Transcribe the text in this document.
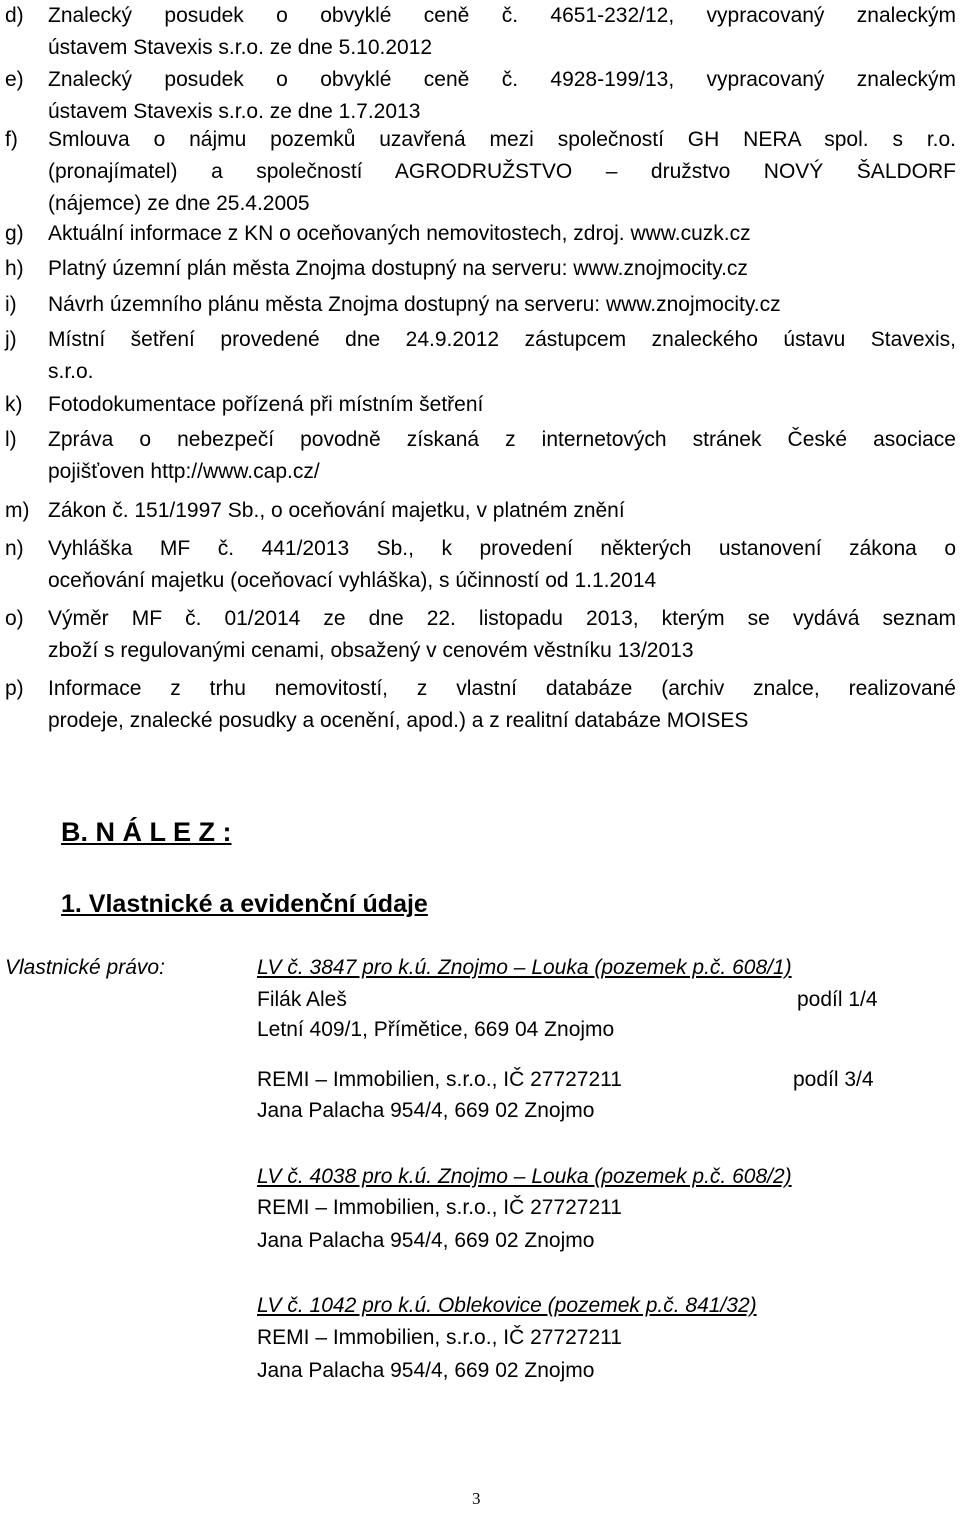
d) Znalecký posudek o obvyklé ceně č. 4651-232/12, vypracovaný znaleckým
ústavem Stavexis s.r.o. ze dne 5.10.2012
e) Znalecký posudek o obvyklé ceně č. 4928-199/13, vypracovaný znaleckým
ústavem Stavexis s.r.o. ze dne 1.7.2013
f) Smlouva o nájmu pozemků uzavřená mezi společností GH NERA spol. s r.o.
(pronajímatel) a společností AGRODRUŽSTVO – družstvo NOVÝ ŠALDORF
(nájemce) ze dne 25.4.2005
g) Aktuální informace z KN o oceňovaných nemovitostech, zdroj. www.cuzk.cz
h) Platný územní plán města Znojma dostupný na serveru: www.znojmocity.cz
i) Návrh územního plánu města Znojma dostupný na serveru: www.znojmocity.cz
j) Místní šetření provedené dne 24.9.2012 zástupcem znaleckého ústavu Stavexis,
s.r.o.
k) Fotodokumentace pořízená při místním šetření
l) Zpráva o nebezpečí povodně získaná z internetových stránek České asociace
pojišťoven http://www.cap.cz/
m) Zákon č. 151/1997 Sb., o oceňování majetku, v platném znění
n) Vyhláška MF č. 441/2013 Sb., k provedení některých ustanovení zákona o
oceňování majetku (oceňovací vyhláška), s účinností od 1.1.2014
o) Výměr MF č. 01/2014 ze dne 22. listopadu 2013, kterým se vydává seznam
zboží s regulovanými cenami, obsažený v cenovém věstníku 13/2013
p) Informace z trhu nemovitostí, z vlastní databáze (archiv znalce, realizované
prodeje, znalecké posudky a ocenění, apod.) a z realitní databáze MOISES
B. N Á L E Z :
1. Vlastnické a evidenční údaje
Vlastnické právo:	LV č. 3847 pro k.ú. Znojmo – Louka (pozemek p.č. 608/1)
Filák Aleš	podíl 1/4
Letní 409/1, Přímětice, 669 04 Znojmo
REMI – Immobilien, s.r.o., IČ 27727211	podíl 3/4
Jana Palacha 954/4, 669 02 Znojmo
LV č. 4038 pro k.ú. Znojmo – Louka (pozemek p.č. 608/2)
REMI – Immobilien, s.r.o., IČ 27727211
Jana Palacha 954/4, 669 02 Znojmo
LV č. 1042 pro k.ú. Oblekovice (pozemek p.č. 841/32)
REMI – Immobilien, s.r.o., IČ 27727211
Jana Palacha 954/4, 669 02 Znojmo
3
